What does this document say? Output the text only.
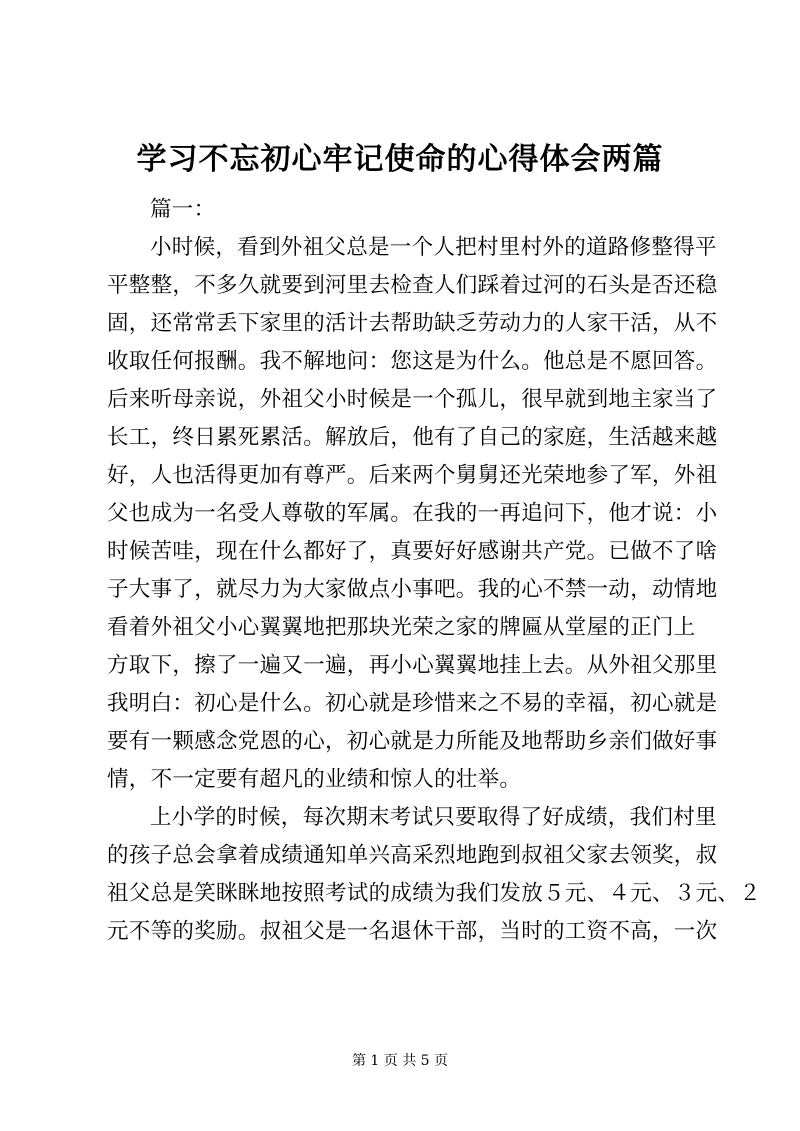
学习不忘初心牢记使命的心得体会两篇
篇一：
小时候，看到外祖父总是一个人把村里村外的道路修整得平
平整整，不多久就要到河里去检查人们踩着过河的石头是否还稳
固，还常常丢下家里的活计去帮助缺乏劳动力的人家干活，从不
收取任何报酬。我不解地问：您这是为什么。他总是不愿回答。
后来听母亲说，外祖父小时候是一个孤儿，很早就到地主家当了
长工，终日累死累活。解放后，他有了自己的家庭，生活越来越
好，人也活得更加有尊严。后来两个舅舅还光荣地参了军，外祖
父也成为一名受人尊敬的军属。在我的一再追问下，他才说：小
时候苦哇，现在什么都好了，真要好好感谢共产党。已做不了啥
子大事了，就尽力为大家做点小事吧。我的心不禁一动，动情地
看着外祖父小心翼翼地把那块光荣之家的牌匾从堂屋的正门上
方取下，擦了一遍又一遍，再小心翼翼地挂上去。从外祖父那里
我明白：初心是什么。初心就是珍惜来之不易的幸福，初心就是
要有一颗感念党恩的心，初心就是力所能及地帮助乡亲们做好事
情，不一定要有超凡的业绩和惊人的壮举。
上小学的时候，每次期末考试只要取得了好成绩，我们村里
的孩子总会拿着成绩通知单兴高采烈地跑到叔祖父家去领奖，叔
祖父总是笑眯眯地按照考试的成绩为我们发放５元、４元、３元、２
元不等的奖励。叔祖父是一名退休干部，当时的工资不高，一次
第 1 页 共 5 页
